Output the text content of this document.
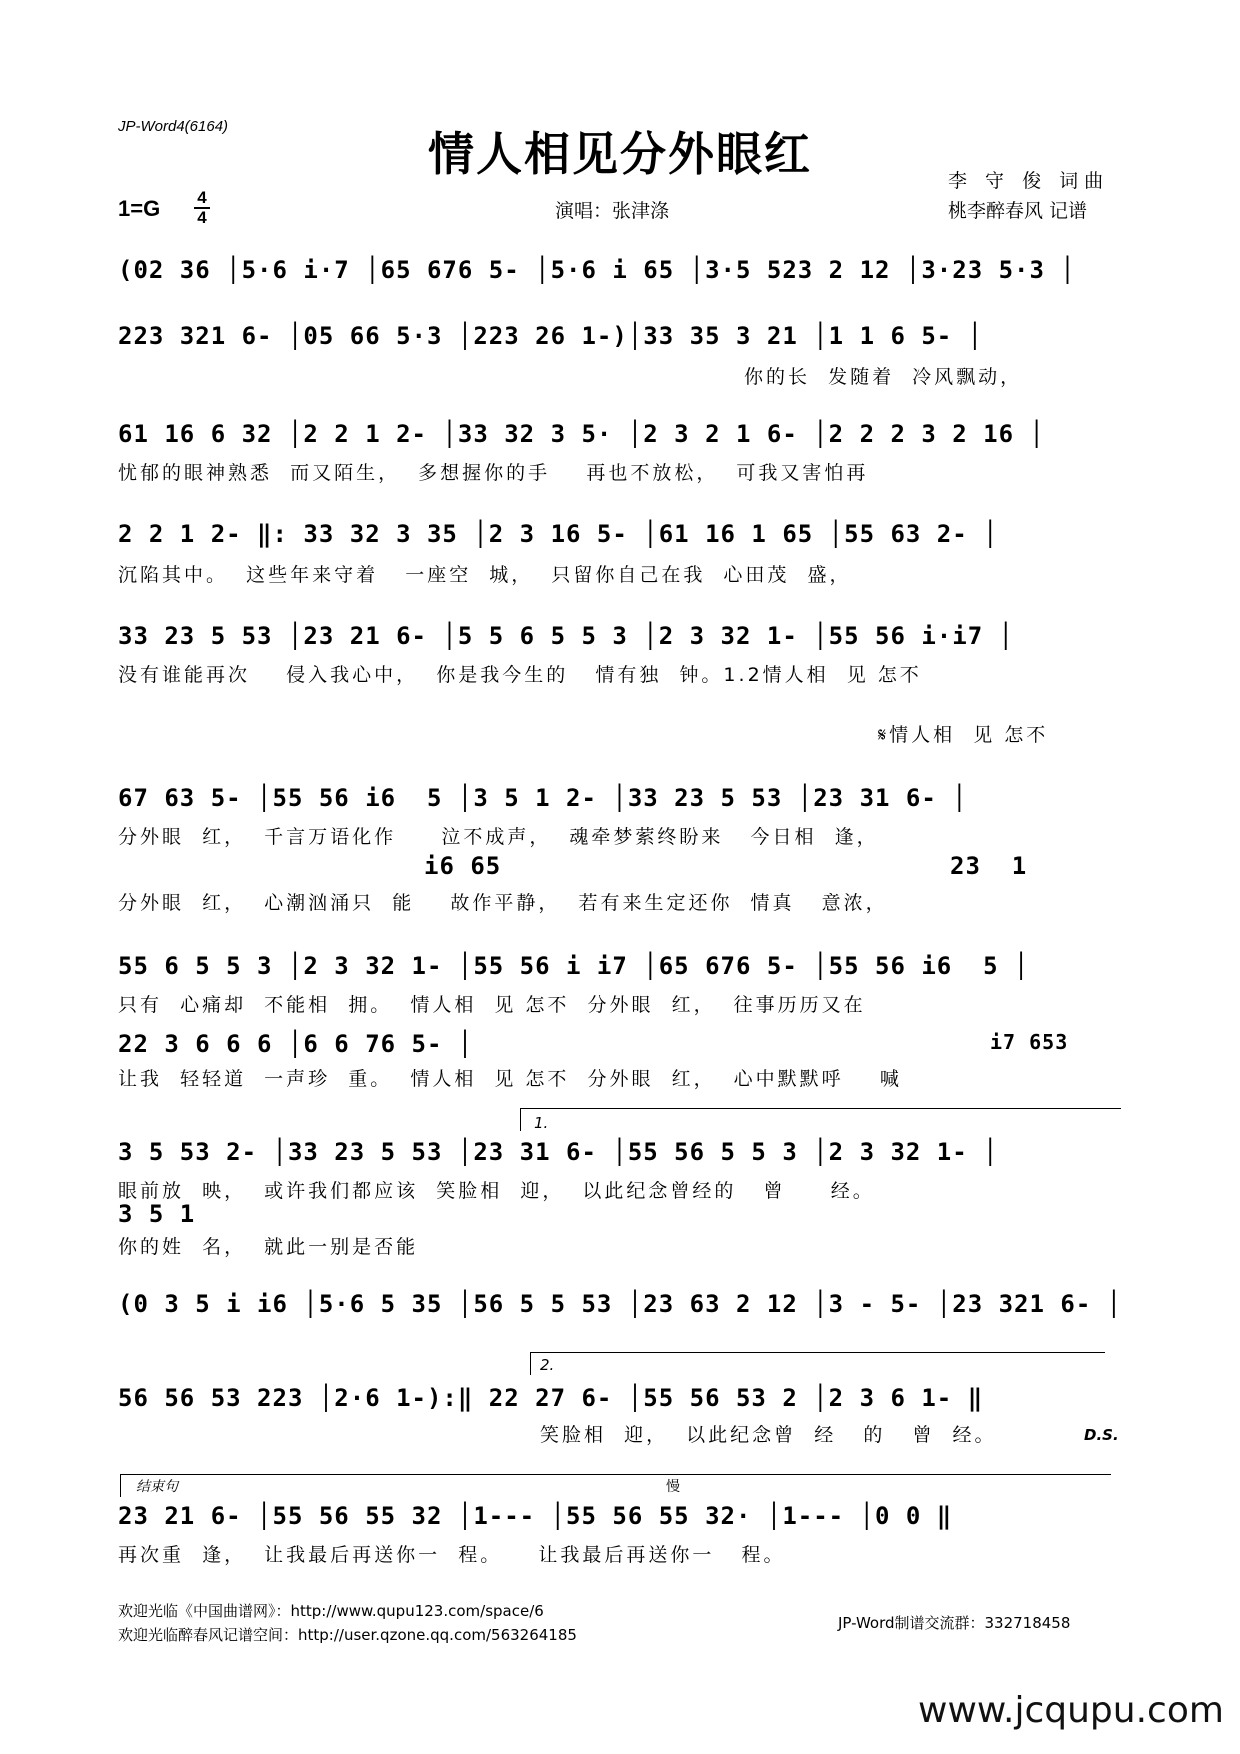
JP-Word4(6164)
情人相见分外眼红
1=G	4
4	演唱：张津涤
李 守 俊 词曲
桃李醉春风 记谱
(02 36 │5·6 i·7 │65 676 5- │5·6 i 65 │3·5 523 2 12 │3·23 5·3 │
223 321 6- │05 66 5·3 │223 26 1-)│33 35 3 21 │1 1 6 5- │
你的长  发随着  冷风飘动，
61 16 6 32 │2 2 1 2- │33 32 3 5· │2 3 2 1 6- │2 2 2 3 2 16 │
忧郁的眼神熟悉  而又陌生，  多想握你的手    再也不放松，  可我又害怕再
2 2 1 2- ‖: 33 32 3 35 │2 3 16 5- │61 16 1 65 │55 63 2- │
沉陷其中。  这些年来守着   一座空  城，  只留你自己在我  心田茂  盛，
33 23 5 53 │23 21 6- │5 5 6 5 5 3 │2 3 32 1- │55 56 i·i7 │
没有谁能再次    侵入我心中，  你是我今生的   情有独  钟。1.2情人相  见 怎不
𝄋情人相  见 怎不
67 63 5- │55 56 i6  5 │3 5 1 2- │33 23 5 53 │23 31 6- │
分外眼  红，  千言万语化作     泣不成声，  魂牵梦萦终盼来   今日相  逢，
i6 65	23  1
分外眼  红，  心潮汹涌只  能    故作平静，  若有来生定还你  情真   意浓，
55 6 5 5 3 │2 3 32 1- │55 56 i i7 │65 676 5- │55 56 i6  5 │
只有  心痛却  不能相  拥。  情人相  见 怎不  分外眼  红，  往事历历又在
22 3 6 6 6 │6 6 76 5- │	i7 653
让我  轻轻道  一声珍  重。  情人相  见 怎不  分外眼  红，  心中默默呼    喊
1.
3 5 53 2- │33 23 5 53 │23 31 6- │55 56 5 5 3 │2 3 32 1- │
眼前放  映，  或许我们都应该  笑脸相  迎，  以此纪念曾经的   曾     经。
3 5 1
你的姓  名，  就此一别是否能
(0 3 5 i i6 │5·6 5 35 │56 5 5 53 │23 63 2 12 │3 - 5- │23 321 6- │
2.
56 56 53 223 │2·6 1-):‖ 22 27 6- │55 56 53 2 │2 3 6 1- ‖
笑脸相  迎，  以此纪念曾  经   的   曾  经。	D.S.
结束句	慢
23 21 6- │55 56 55 32 │1--- │55 56 55 32· │1--- │0 0 ‖
再次重  逢，  让我最后再送你一  程。    让我最后再送你一   程。
欢迎光临《中国曲谱网》：http://www.qupu123.com/space/6
欢迎光临醉春风记谱空间：http://user.qzone.qq.com/563264185
JP-Word制谱交流群：332718458
www.jcqupu.com
